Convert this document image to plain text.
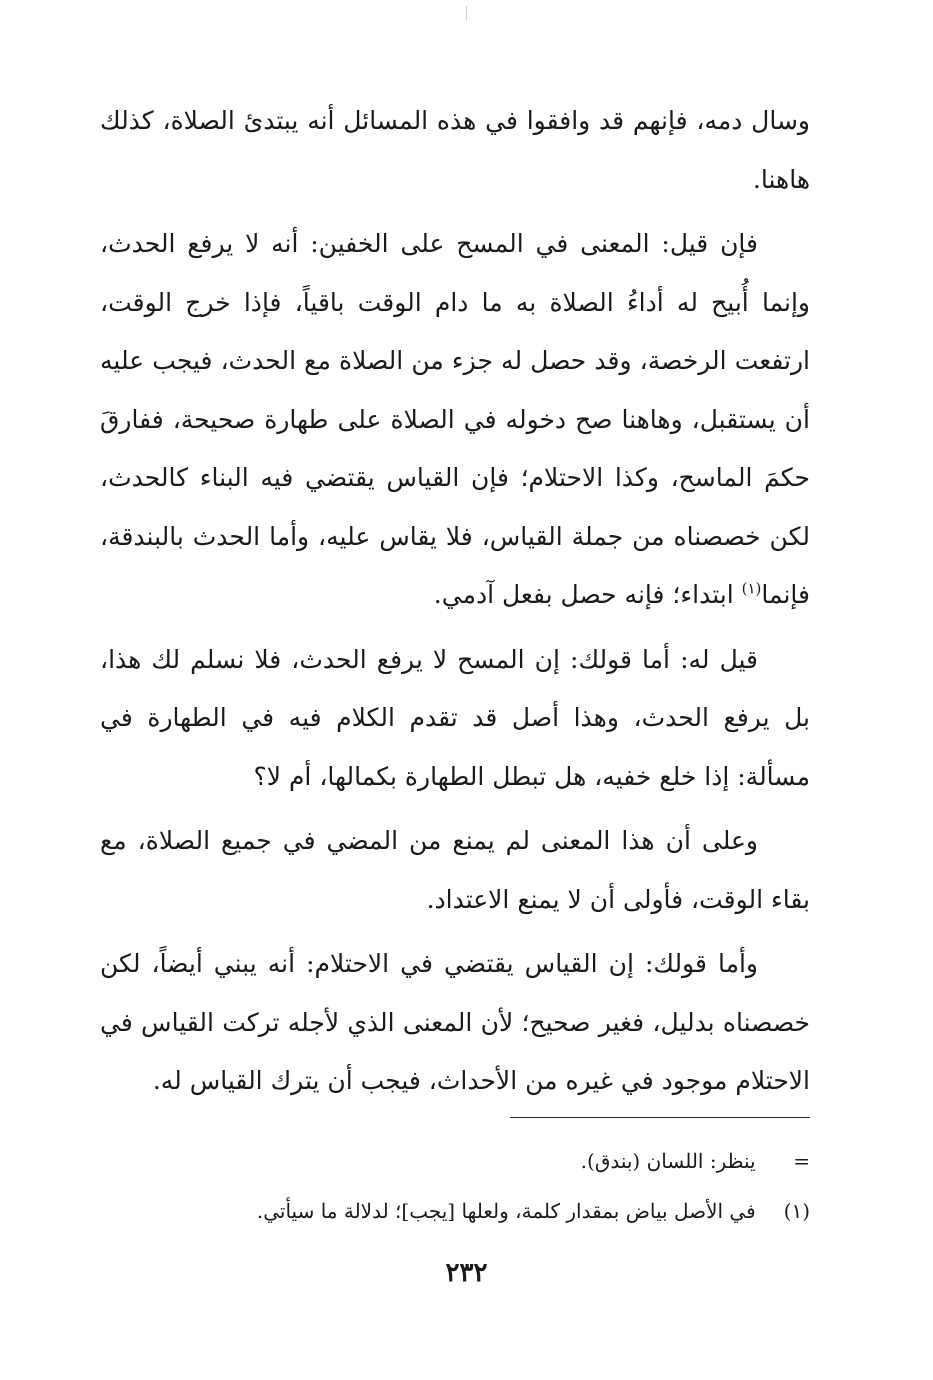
وسال دمه، فإنهم قد وافقوا في هذه المسائل أنه يبتدئ الصلاة، كذلك هاهنا.

فإن قيل: المعنى في المسح على الخفين: أنه لا يرفع الحدث، وإنما أُبيح له أداءُ الصلاة به ما دام الوقت باقياً، فإذا خرج الوقت، ارتفعت الرخصة، وقد حصل له جزء من الصلاة مع الحدث، فيجب عليه أن يستقبل، وهاهنا صح دخوله في الصلاة على طهارة صحيحة، ففارقَ حكمَ الماسح، وكذا الاحتلام؛ فإن القياس يقتضي فيه البناء كالحدث، لكن خصصناه من جملة القياس، فلا يقاس عليه، وأما الحدث بالبندقة، فإنما$^{(١)}$ ابتداء؛ فإنه حصل بفعل آدمي.

قيل له: أما قولك: إن المسح لا يرفع الحدث، فلا نسلم لك هذا، بل يرفع الحدث، وهذا أصل قد تقدم الكلام فيه في الطهارة في مسألة: إذا خلع خفيه، هل تبطل الطهارة بكمالها، أم لا؟

وعلى أن هذا المعنى لم يمنع من المضي في جميع الصلاة، مع بقاء الوقت، فأولى أن لا يمنع الاعتداد.

وأما قولك: إن القياس يقتضي في الاحتلام: أنه يبني أيضاً، لكن خصصناه بدليل، فغير صحيح؛ لأن المعنى الذي لأجله تركت القياس في الاحتلام موجود في غيره من الأحداث، فيجب أن يترك القياس له.

= ينظر: اللسان (بندق).

(١) في الأصل بياض بمقدار كلمة، ولعلها [يجب]؛ لدلالة ما سيأتي.

٢٣٢
